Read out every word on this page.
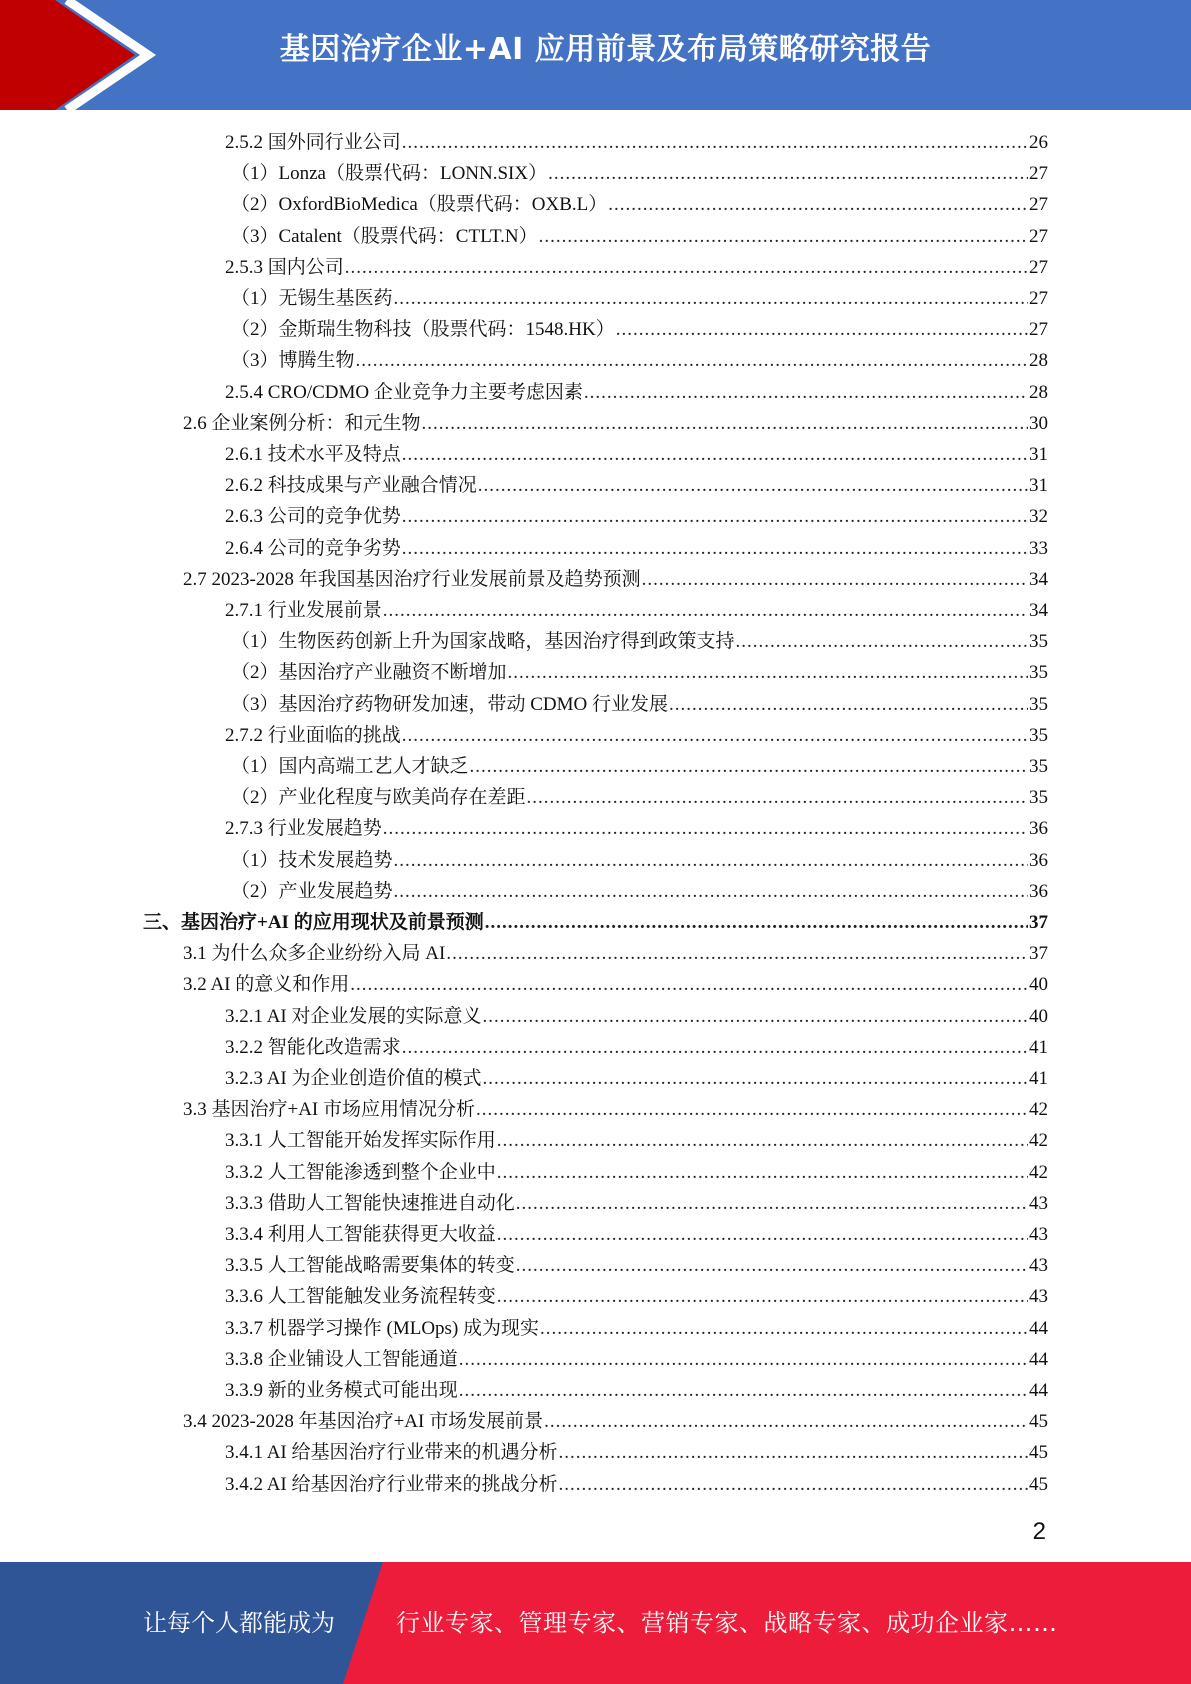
基因治疗企业+AI 应用前景及布局策略研究报告
2.5.2 国外同行业公司 .....	26
（1）Lonza（股票代码：LONN.SIX） .....	27
（2）OxfordBioMedica（股票代码：OXB.L） .....	27
（3）Catalent（股票代码：CTLT.N） .....	27
2.5.3 国内公司 .....	27
（1）无锡生基医药 .....	27
（2）金斯瑞生物科技（股票代码：1548.HK） .....	27
（3）博腾生物 .....	28
2.5.4 CRO/CDMO 企业竞争力主要考虑因素 .....	28
2.6 企业案例分析：和元生物 .....	30
2.6.1 技术水平及特点 .....	31
2.6.2 科技成果与产业融合情况 .....	31
2.6.3 公司的竞争优势 .....	32
2.6.4 公司的竞争劣势 .....	33
2.7 2023-2028 年我国基因治疗行业发展前景及趋势预测 .....	34
2.7.1 行业发展前景 .....	34
（1）生物医药创新上升为国家战略，基因治疗得到政策支持 .....	35
（2）基因治疗产业融资不断增加 .....	35
（3）基因治疗药物研发加速，带动 CDMO 行业发展 .....	35
2.7.2 行业面临的挑战 .....	35
（1）国内高端工艺人才缺乏 .....	35
（2）产业化程度与欧美尚存在差距 .....	35
2.7.3 行业发展趋势 .....	36
（1）技术发展趋势 .....	36
（2）产业发展趋势 .....	36
三、基因治疗+AI 的应用现状及前景预测 .....	37
3.1 为什么众多企业纷纷入局 AI .....	37
3.2 AI 的意义和作用 .....	40
3.2.1 AI 对企业发展的实际意义 .....	40
3.2.2 智能化改造需求 .....	41
3.2.3 AI 为企业创造价值的模式 .....	41
3.3 基因治疗+AI 市场应用情况分析 .....	42
3.3.1 人工智能开始发挥实际作用 .....	42
3.3.2 人工智能渗透到整个企业中 .....	42
3.3.3 借助人工智能快速推进自动化 .....	43
3.3.4 利用人工智能获得更大收益 .....	43
3.3.5 人工智能战略需要集体的转变 .....	43
3.3.6 人工智能触发业务流程转变 .....	43
3.3.7 机器学习操作 (MLOps) 成为现实 .....	44
3.3.8 企业铺设人工智能通道 .....	44
3.3.9 新的业务模式可能出现 .....	44
3.4 2023-2028 年基因治疗+AI 市场发展前景 .....	45
3.4.1 AI 给基因治疗行业带来的机遇分析 .....	45
3.4.2 AI 给基因治疗行业带来的挑战分析 .....	45
2
让每个人都能成为	行业专家、管理专家、营销专家、战略专家、成功企业家……
